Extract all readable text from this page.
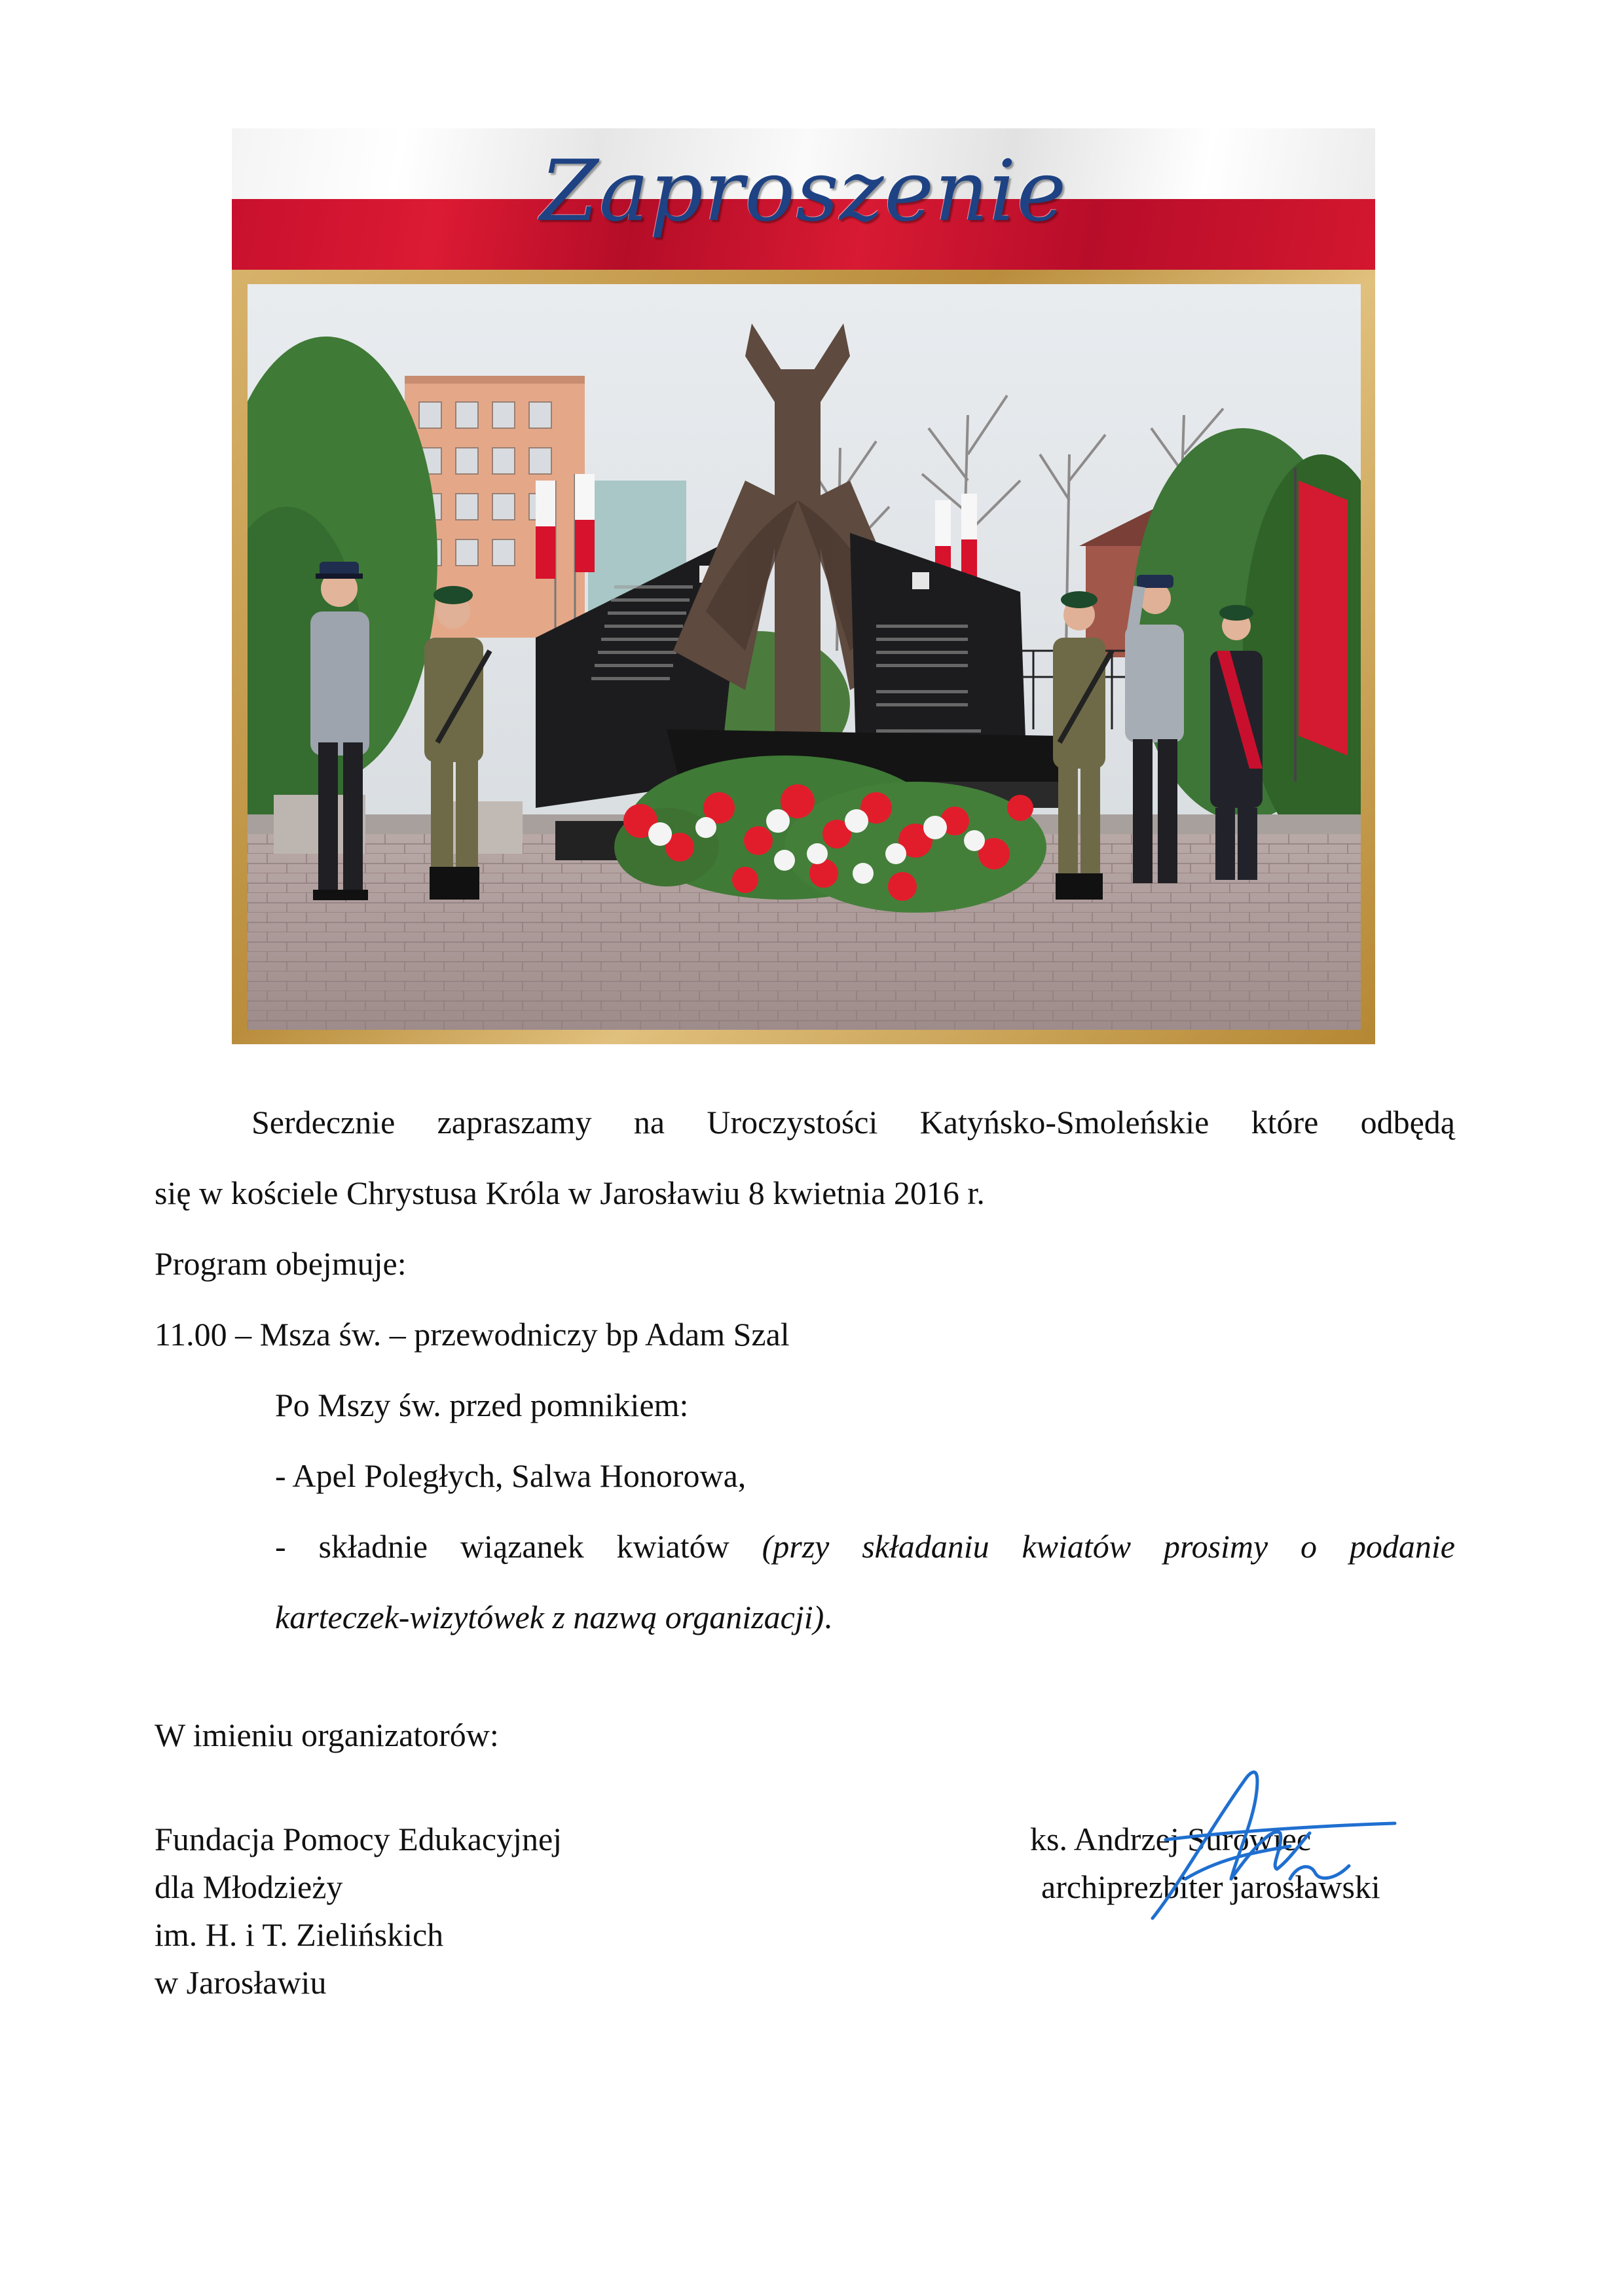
Zaproszenie
Serdecznie zapraszamy na Uroczystości Katyńsko-Smoleńskie które odbędą
się w kościele Chrystusa Króla w Jarosławiu 8 kwietnia 2016 r.
Program obejmuje:
11.00 – Msza św. – przewodniczy bp Adam Szal
Po Mszy św. przed pomnikiem:
- Apel Poległych, Salwa Honorowa,
- składnie wiązanek kwiatów (przy składaniu kwiatów prosimy o podanie
karteczek-wizytówek z nazwą organizacji).
W imieniu organizatorów:
Fundacja Pomocy Edukacyjnej
dla Młodzieży
im. H. i T. Zielińskich
w Jarosławiu
ks. Andrzej Surowiec
archiprezbiter jarosławski
